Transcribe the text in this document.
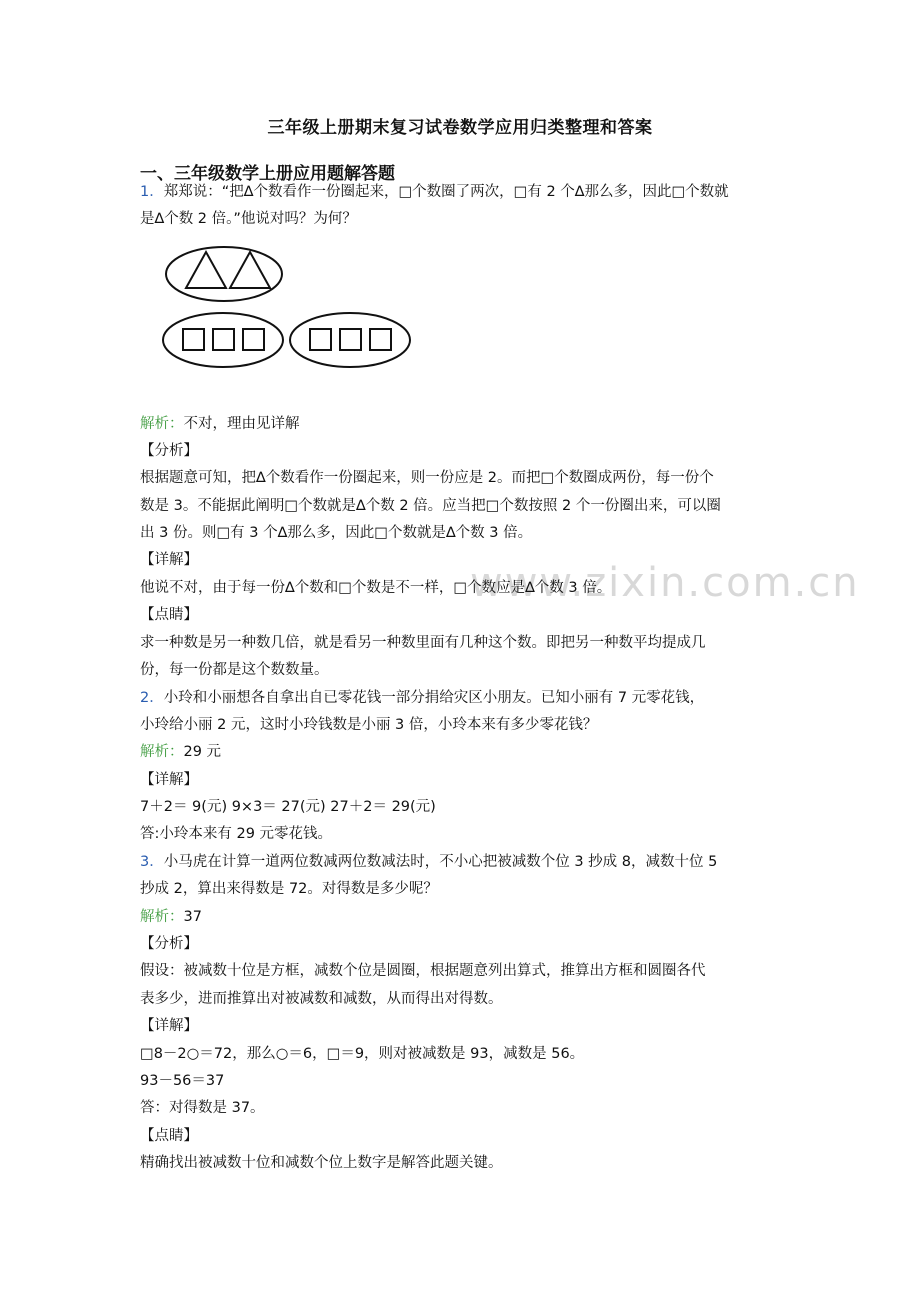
www.zixin.com.cn
三年级上册期末复习试卷数学应用归类整理和答案
一、三年级数学上册应用题解答题
1．郑郑说：“把∆个数看作一份圈起来，□个数圈了两次，□有 2 个∆那么多，因此□个数就
是∆个数 2 倍。”他说对吗？为何？
解析：不对，理由见详解
【分析】
根据题意可知，把∆个数看作一份圈起来，则一份应是 2。而把□个数圈成两份，每一份个
数是 3。不能据此阐明□个数就是∆个数 2 倍。应当把□个数按照 2 个一份圈出来，可以圈
出 3 份。则□有 3 个∆那么多，因此□个数就是∆个数 3 倍。
【详解】
他说不对，由于每一份∆个数和□个数是不一样，□个数应是∆个数 3 倍。
【点睛】
求一种数是另一种数几倍，就是看另一种数里面有几种这个数。即把另一种数平均提成几
份，每一份都是这个数数量。
2．小玲和小丽想各自拿出自已零花钱一部分捐给灾区小朋友。已知小丽有 7 元零花钱，
小玲给小丽 2 元，这时小玲钱数是小丽 3 倍，小玲本来有多少零花钱？
解析：29 元
【详解】
7＋2＝ 9(元) 9×3＝ 27(元) 27＋2＝ 29(元)
答:小玲本来有 29 元零花钱。
3．小马虎在计算一道两位数减两位数减法时，不小心把被减数个位 3 抄成 8，减数十位 5
抄成 2，算出来得数是 72。对得数是多少呢？
解析：37
【分析】
假设：被减数十位是方框，减数个位是圆圈，根据题意列出算式，推算出方框和圆圈各代
表多少，进而推算出对被减数和减数，从而得出对得数。
【详解】
□8－2○＝72，那么○＝6，□＝9，则对被减数是 93，减数是 56。
93－56＝37
答：对得数是 37。
【点睛】
精确找出被减数十位和减数个位上数字是解答此题关键。
